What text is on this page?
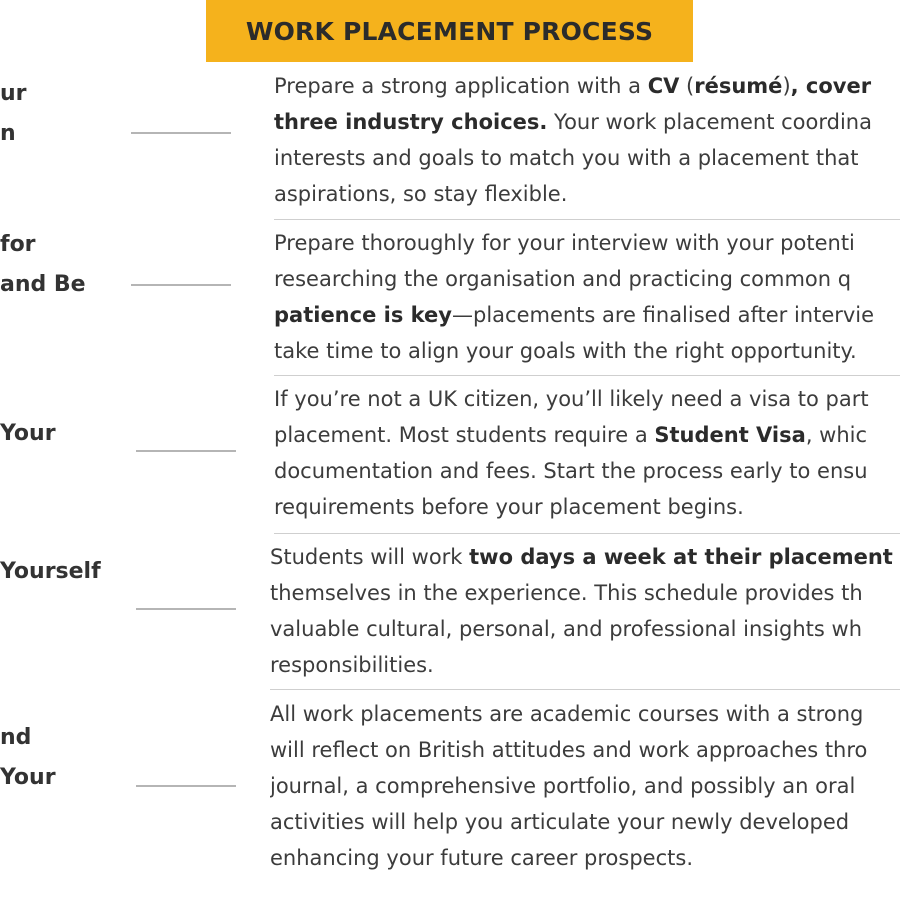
WORK PLACEMENT PROCESS
ur
n
Prepare a strong application with a CV (résumé), cover
three industry choices. Your work placement coordina
interests and goals to match you with a placement that
aspirations, so stay flexible.
for
and Be
Prepare thoroughly for your interview with your potenti
researching the organisation and practicing common q
patience is key—placements are finalised after intervie
take time to align your goals with the right opportunity.
Your
If you’re not a UK citizen, you’ll likely need a visa to part
placement. Most students require a Student Visa, whic
documentation and fees. Start the process early to ensu
requirements before your placement begins.
Yourself
Students will work two days a week at their placement
themselves in the experience. This schedule provides th
valuable cultural, personal, and professional insights wh
responsibilities.
nd
Your
All work placements are academic courses with a strong
will reflect on British attitudes and work approaches thro
journal, a comprehensive portfolio, and possibly an oral
activities will help you articulate your newly developed
enhancing your future career prospects.
